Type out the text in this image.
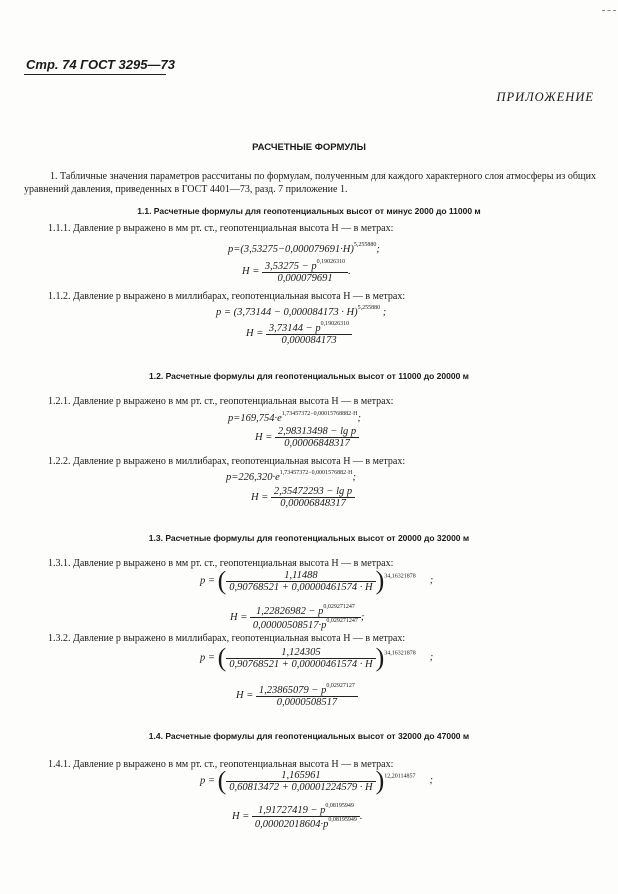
Стр. 74 ГОСТ 3295—73
ПРИЛОЖЕНИЕ
РАСЧЕТНЫЕ ФОРМУЛЫ
1. Табличные значения параметров рассчитаны по формулам, полученным для каждого характерного слоя атмосферы из общих уравнений давления, приведенных в ГОСТ 4401—73, разд. 7 приложение 1.
1.1. Расчетные формулы для геопотенциальных высот от минус 2000 до 11000 м
1.1.1. Давление p выражено в мм рт. ст., геопотенциальная высота H — в метрах:
$p=(3,53275-0,000079691\cdot H)^{5,255880}$;
$H = \frac{3,53275 - p^{0,19026310}}{0,000079691}$ .
1.1.2. Давление p выражено в миллибарах, геопотенциальная высота H — в метрах:
$p = (3,73144 - 0,000084173 \cdot H)^{5,255880}$ ;
$H = \frac{3,73144 - p^{0,19026310}}{0,000084173}$
1.2. Расчетные формулы для геопотенциальных высот от 11000 до 20000 м
1.2.1. Давление p выражено в мм рт. ст., геопотенциальная высота H — в метрах:
$p=169,754\cdot e^{1,73457372-0,00015768882\cdot H}$;
$H = \frac{\text{2,98313498 − lg p}}{0,00006848317}$
1.2.2. Давление p выражено в миллибарах, геопотенциальная высота H — в метрах:
$p=226,320\cdot e^{1,73457372-0,0001576882\cdot H}$;
$H = \frac{\text{2,35472293 − lg p}}{0,00006848317}$
1.3. Расчетные формулы для геопотенциальных высот от 20000 до 32000 м
1.3.1. Давление p выражено в мм рт. ст., геопотенциальная высота H — в метрах:
p = ( $\frac{1,11488}{0,90768521 + 0,00000461574 \cdot H} )^{34,16321878}$ ;
$H = \frac{1,22826982 - p^{0,029271247}}{0,00000508517\cdot p^{0,029271247}}$ ;
1.3.2. Давление p выражено в миллибарах, геопотенциальная высота H — в метрах:
p = ( $\frac{1,124305}{0,90768521 + 0,00000461574 \cdot H} )^{34,16321878}$ ;
$H = \frac{1,23865079 - p^{0,02927127}}{0,0000508517}$
1.4. Расчетные формулы для геопотенциальных высот от 32000 до 47000 м
1.4.1. Давление p выражено в мм рт. ст., геопотенциальная высота H — в метрах:
p = ( $\frac{1,165961}{0,60813472 + 0,00001224579 \cdot H} )^{12,20114857}$ ;
$H = \frac{1,91727419 - p^{0,08195949}}{0,00002018604\cdot p^{0,08195949}}$ .
